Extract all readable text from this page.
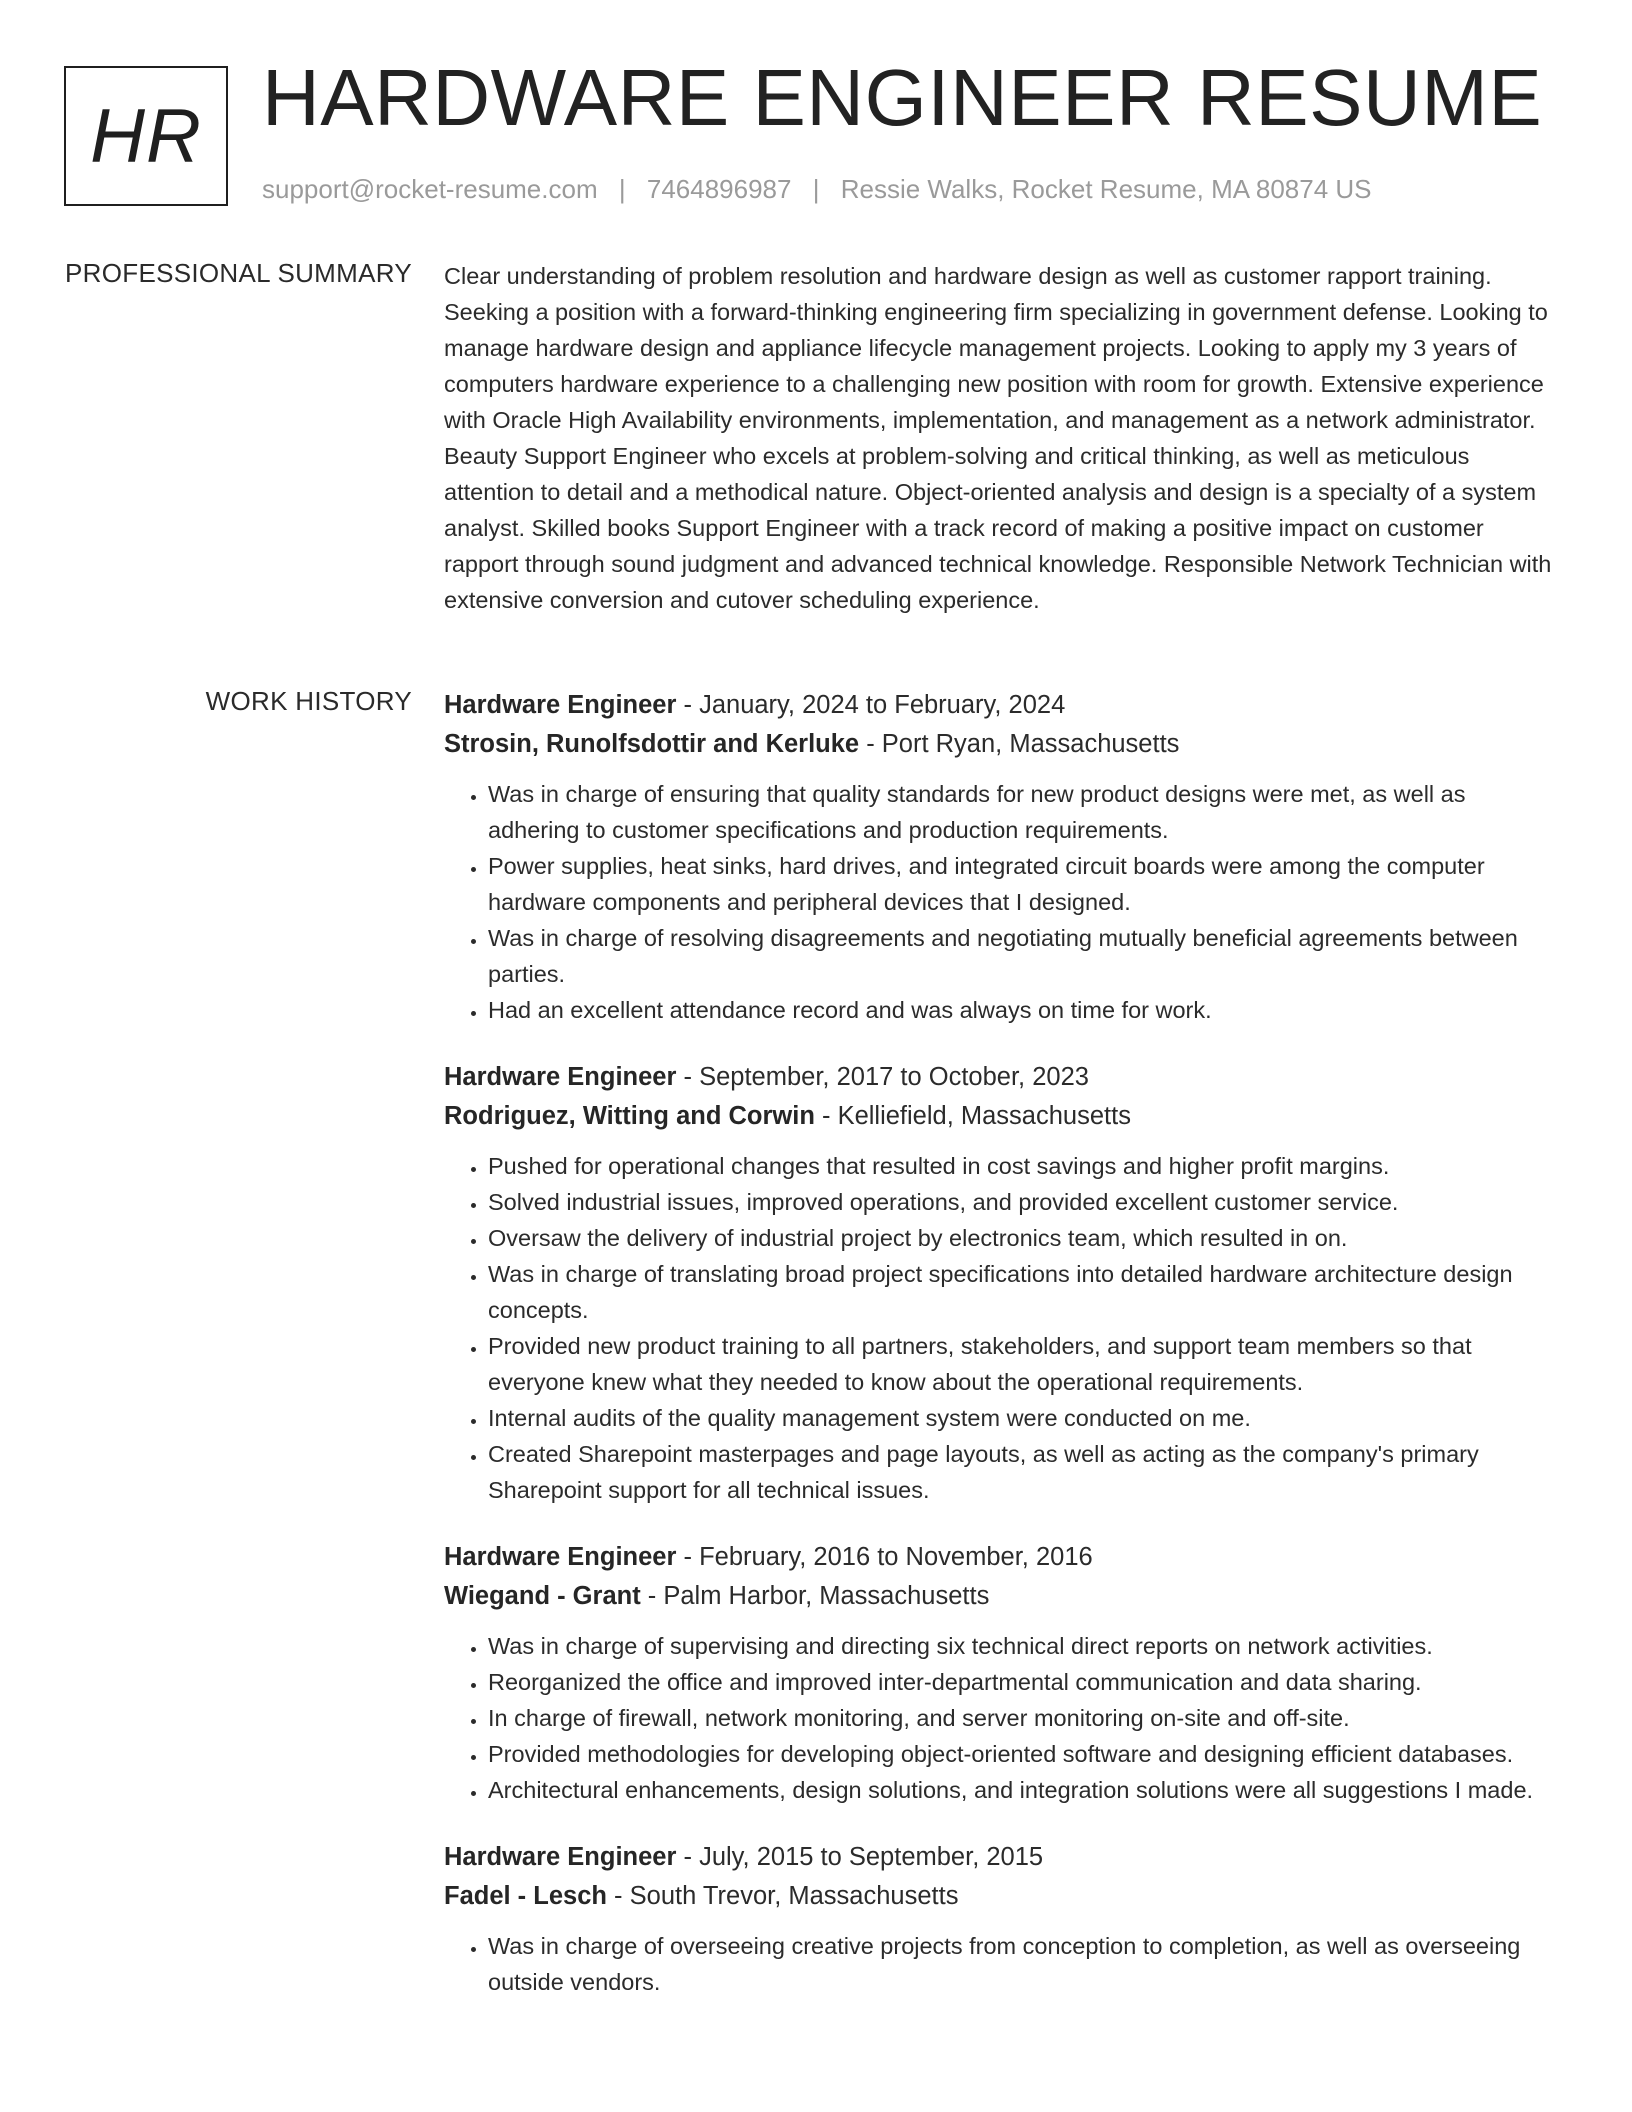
HR HARDWARE ENGINEER RESUME
support@rocket-resume.com | 7464896987 | Ressie Walks, Rocket Resume, MA 80874 US
PROFESSIONAL SUMMARY Clear understanding of problem resolution and hardware design as well as customer rapport training. Seeking a position with a forward-thinking engineering firm specializing in government defense. Looking to manage hardware design and appliance lifecycle management projects. Looking to apply my 3 years of computers hardware experience to a challenging new position with room for growth. Extensive experience with Oracle High Availability environments, implementation, and management as a network administrator. Beauty Support Engineer who excels at problem-solving and critical thinking, as well as meticulous attention to detail and a methodical nature. Object-oriented analysis and design is a specialty of a system analyst. Skilled books Support Engineer with a track record of making a positive impact on customer rapport through sound judgment and advanced technical knowledge. Responsible Network Technician with extensive conversion and cutover scheduling experience.

WORK HISTORY Hardware Engineer - January, 2024 to February, 2024
Strosin, Runolfsdottir and Kerluke - Port Ryan, Massachusetts
• Was in charge of ensuring that quality standards for new product designs were met, as well as adhering to customer specifications and production requirements.
• Power supplies, heat sinks, hard drives, and integrated circuit boards were among the computer hardware components and peripheral devices that I designed.
• Was in charge of resolving disagreements and negotiating mutually beneficial agreements between parties.
• Had an excellent attendance record and was always on time for work.
Hardware Engineer - September, 2017 to October, 2023
Rodriguez, Witting and Corwin - Kelliefield, Massachusetts
• Pushed for operational changes that resulted in cost savings and higher profit margins.
• Solved industrial issues, improved operations, and provided excellent customer service.
• Oversaw the delivery of industrial project by electronics team, which resulted in on.
• Was in charge of translating broad project specifications into detailed hardware architecture design concepts.
• Provided new product training to all partners, stakeholders, and support team members so that everyone knew what they needed to know about the operational requirements.
• Internal audits of the quality management system were conducted on me.
• Created Sharepoint masterpages and page layouts, as well as acting as the company's primary Sharepoint support for all technical issues.
Hardware Engineer - February, 2016 to November, 2016
Wiegand - Grant - Palm Harbor, Massachusetts
• Was in charge of supervising and directing six technical direct reports on network activities.
• Reorganized the office and improved inter-departmental communication and data sharing.
• In charge of firewall, network monitoring, and server monitoring on-site and off-site.
• Provided methodologies for developing object-oriented software and designing efficient databases.
• Architectural enhancements, design solutions, and integration solutions were all suggestions I made.
Hardware Engineer - July, 2015 to September, 2015
Fadel - Lesch - South Trevor, Massachusetts
• Was in charge of overseeing creative projects from conception to completion, as well as overseeing outside vendors.
